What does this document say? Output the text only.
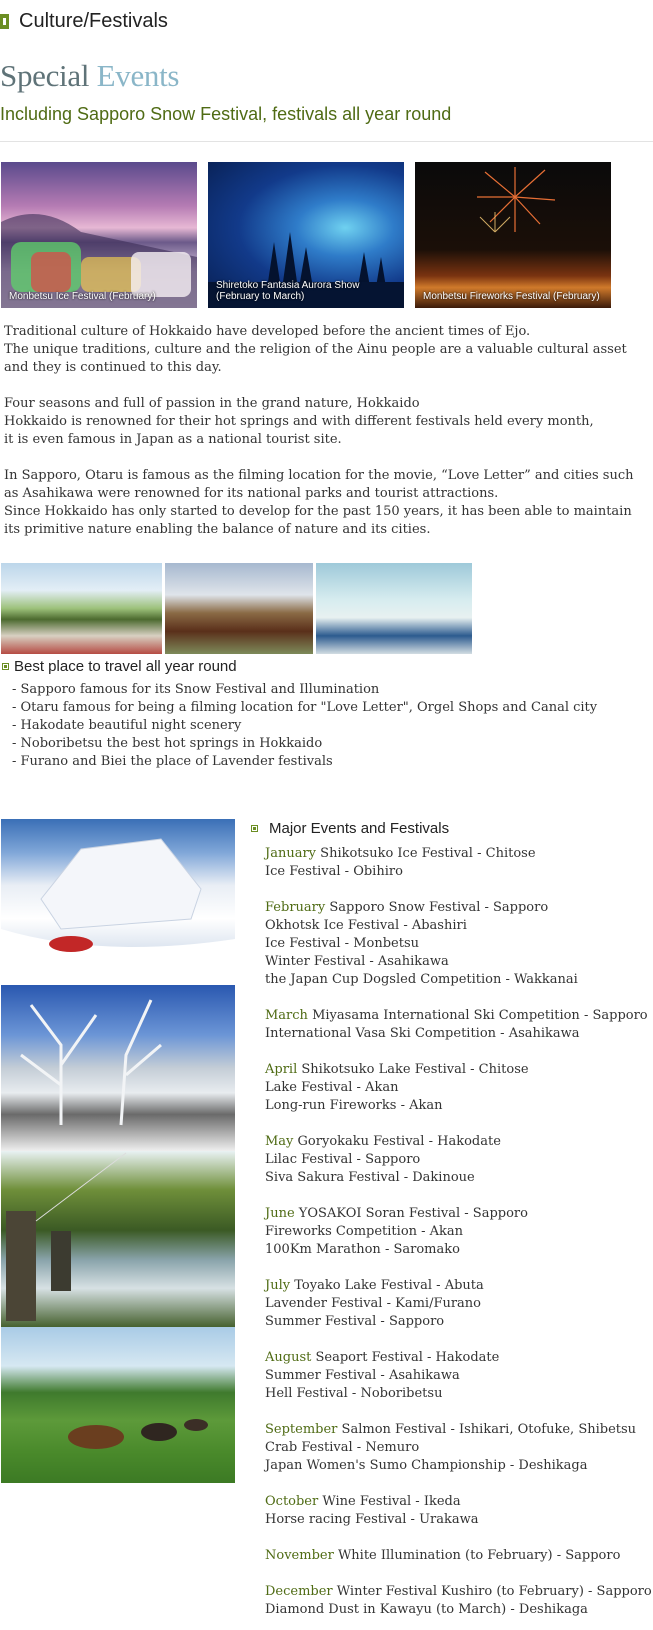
Culture/Festivals
Special Events
Including Sapporo Snow Festival, festivals all year round
Monbetsu Ice Festival (February)
Shiretoko Fantasia Aurora Show
(February to March)	Monbetsu Fireworks Festival (February)
Traditional culture of Hokkaido have developed before the ancient times of Ejo.
The unique traditions, culture and the religion of the Ainu people are a valuable cultural asset
and they is continued to this day.
Four seasons and full of passion in the grand nature, Hokkaido
Hokkaido is renowned for their hot springs and with different festivals held every month,
it is even famous in Japan as a national tourist site.
In Sapporo, Otaru is famous as the filming location for the movie, “Love Letter” and cities such
as Asahikawa were renowned for its national parks and tourist attractions.
Since Hokkaido has only started to develop for the past 150 years, it has been able to maintain
its primitive nature enabling the balance of nature and its cities.
Best place to travel all year round
- Sapporo famous for its Snow Festival and Illumination
- Otaru famous for being a filming location for "Love Letter", Orgel Shops and Canal city
- Hakodate beautiful night scenery
- Noboribetsu the best hot springs in Hokkaido
- Furano and Biei the place of Lavender festivals
Major Events and Festivals
January Shikotsuko Ice Festival - Chitose
Ice Festival - Obihiro
February Sapporo Snow Festival - Sapporo
Okhotsk Ice Festival - Abashiri
Ice Festival - Monbetsu
Winter Festival - Asahikawa
the Japan Cup Dogsled Competition - Wakkanai
March Miyasama International Ski Competition - Sapporo
International Vasa Ski Competition - Asahikawa
April Shikotsuko Lake Festival - Chitose
Lake Festival - Akan
Long-run Fireworks - Akan
May Goryokaku Festival - Hakodate
Lilac Festival - Sapporo
Siva Sakura Festival - Dakinoue
June YOSAKOI Soran Festival - Sapporo
Fireworks Competition - Akan
100Km Marathon - Saromako
July Toyako Lake Festival - Abuta
Lavender Festival - Kami/Furano
Summer Festival - Sapporo
August Seaport Festival - Hakodate
Summer Festival - Asahikawa
Hell Festival - Noboribetsu
September Salmon Festival - Ishikari, Otofuke, Shibetsu
Crab Festival - Nemuro
Japan Women's Sumo Championship - Deshikaga
October Wine Festival - Ikeda
Horse racing Festival - Urakawa
November White Illumination (to February) - Sapporo
December Winter Festival Kushiro (to February) - Sapporo
Diamond Dust in Kawayu (to March) - Deshikaga
